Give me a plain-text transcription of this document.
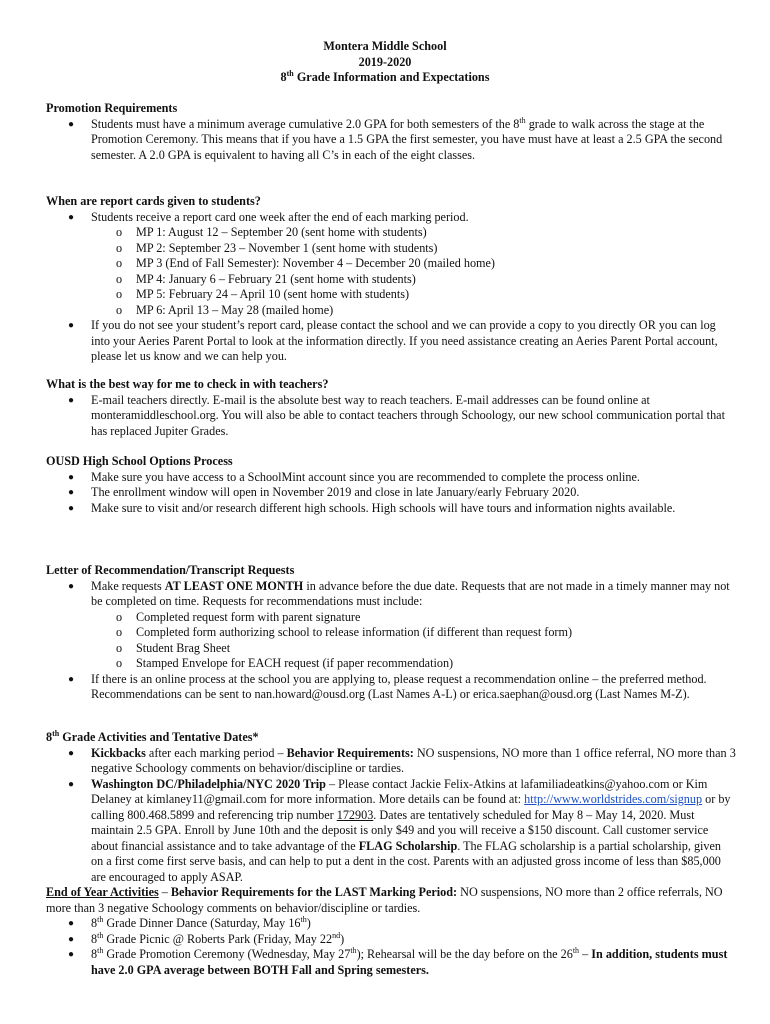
Montera Middle School
2019-2020
8th Grade Information and Expectations
Promotion Requirements
● Students must have a minimum average cumulative 2.0 GPA for both semesters of the 8th grade to walk across the stage at the Promotion Ceremony. This means that if you have a 1.5 GPA the first semester, you have must have at least a 2.5 GPA the second semester. A 2.0 GPA is equivalent to having all C’s in each of the eight classes.
When are report cards given to students?
● Students receive a report card one week after the end of each marking period.
o MP 1: August 12 – September 20 (sent home with students)
o MP 2: September 23 – November 1 (sent home with students)
o MP 3 (End of Fall Semester): November 4 – December 20 (mailed home)
o MP 4: January 6 – February 21 (sent home with students)
o MP 5: February 24 – April 10 (sent home with students)
o MP 6: April 13 – May 28 (mailed home)
● If you do not see your student’s report card, please contact the school and we can provide a copy to you directly OR you can log into your Aeries Parent Portal to look at the information directly. If you need assistance creating an Aeries Parent Portal account, please let us know and we can help you.
What is the best way for me to check in with teachers?
● E-mail teachers directly. E-mail is the absolute best way to reach teachers. E-mail addresses can be found online at monteramiddleschool.org. You will also be able to contact teachers through Schoology, our new school communication portal that has replaced Jupiter Grades.
OUSD High School Options Process
● Make sure you have access to a SchoolMint account since you are recommended to complete the process online.
● The enrollment window will open in November 2019 and close in late January/early February 2020.
● Make sure to visit and/or research different high schools. High schools will have tours and information nights available.
Letter of Recommendation/Transcript Requests
● Make requests AT LEAST ONE MONTH in advance before the due date. Requests that are not made in a timely manner may not be completed on time. Requests for recommendations must include:
o Completed request form with parent signature
o Completed form authorizing school to release information (if different than request form)
o Student Brag Sheet
o Stamped Envelope for EACH request (if paper recommendation)
● If there is an online process at the school you are applying to, please request a recommendation online – the preferred method. Recommendations can be sent to nan.howard@ousd.org (Last Names A-L) or erica.saephan@ousd.org (Last Names M-Z).
8th Grade Activities and Tentative Dates*
● Kickbacks after each marking period – Behavior Requirements: NO suspensions, NO more than 1 office referral, NO more than 3 negative Schoology comments on behavior/discipline or tardies.
● Washington DC/Philadelphia/NYC 2020 Trip – Please contact Jackie Felix-Atkins at lafamiliadeatkins@yahoo.com or Kim Delaney at kimlaney11@gmail.com for more information. More details can be found at: http://www.worldstrides.com/signup or by calling 800.468.5899 and referencing trip number 172903. Dates are tentatively scheduled for May 8 – May 14, 2020. Must maintain 2.5 GPA. Enroll by June 10th and the deposit is only $49 and you will receive a $150 discount. Call customer service about financial assistance and to take advantage of the FLAG Scholarship. The FLAG scholarship is a partial scholarship, given on a first come first serve basis, and can help to put a dent in the cost. Parents with an adjusted gross income of less than $85,000 are encouraged to apply ASAP.
End of Year Activities – Behavior Requirements for the LAST Marking Period: NO suspensions, NO more than 2 office referrals, NO more than 3 negative Schoology comments on behavior/discipline or tardies.
● 8th Grade Dinner Dance (Saturday, May 16th)
● 8th Grade Picnic @ Roberts Park (Friday, May 22nd)
● 8th Grade Promotion Ceremony (Wednesday, May 27th); Rehearsal will be the day before on the 26th – In addition, students must have 2.0 GPA average between BOTH Fall and Spring semesters.
